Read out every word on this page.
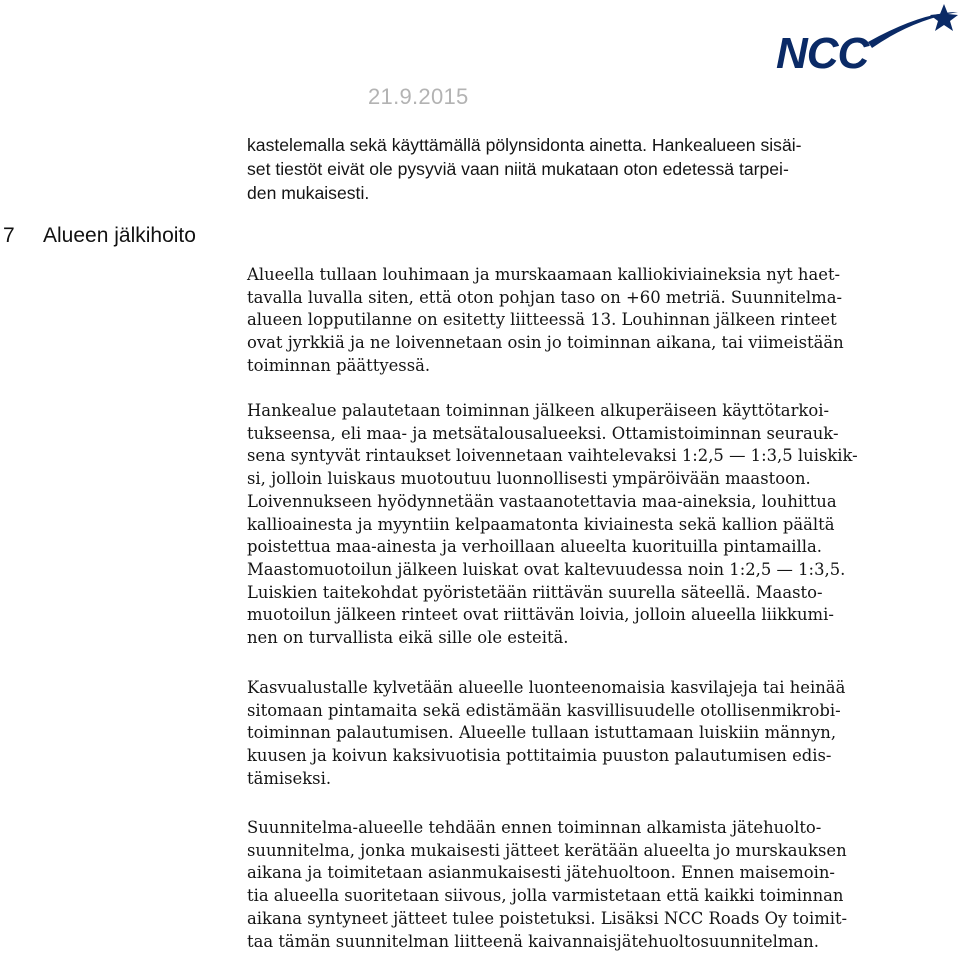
21.9.2015
NCC
7 Alueen jälkihoito
kastelemalla sekä käyttämällä pölynsidonta ainetta. Hankealueen sisäi-
set tiestöt eivät ole pysyviä vaan niitä mukataan oton edetessä tarpei-
den mukaisesti.
Alueella tullaan louhimaan ja murskaamaan kalliokiviaineksia nyt haet-
tavalla luvalla siten, että oton pohjan taso on +60 metriä. Suunnitelma-
alueen lopputilanne on esitetty liitteessä 13. Louhinnan jälkeen rinteet
ovat jyrkkiä ja ne loivennetaan osin jo toiminnan aikana, tai viimeistään
toiminnan päättyessä.
Hankealue palautetaan toiminnan jälkeen alkuperäiseen käyttötarkoi-
tukseensa, eli maa- ja metsätalousalueeksi. Ottamistoiminnan seurauk-
sena syntyvät rintaukset loivennetaan vaihtelevaksi 1:2,5 — 1:3,5 luiskik-
si, jolloin luiskaus muotoutuu luonnollisesti ympäröivään maastoon.
Loivennukseen hyödynnetään vastaanotettavia maa-aineksia, louhittua
kallioainesta ja myyntiin kelpaamatonta kiviainesta sekä kallion päältä
poistettua maa-ainesta ja verhoillaan alueelta kuorituilla pintamailla.
Maastomuotoilun jälkeen luiskat ovat kaltevuudessa noin 1:2,5 — 1:3,5.
Luiskien taitekohdat pyöristetään riittävän suurella säteellä. Maasto-
muotoilun jälkeen rinteet ovat riittävän loivia, jolloin alueella liikkumi-
nen on turvallista eikä sille ole esteitä.
Kasvualustalle kylvetään alueelle luonteenomaisia kasvilajeja tai heinää
sitomaan pintamaita sekä edistämään kasvillisuudelle otollisenmikrobi-
toiminnan palautumisen. Alueelle tullaan istuttamaan luiskiin männyn,
kuusen ja koivun kaksivuotisia pottitaimia puuston palautumisen edis-
tämiseksi.
Suunnitelma-alueelle tehdään ennen toiminnan alkamista jätehuolto-
suunnitelma, jonka mukaisesti jätteet kerätään alueelta jo murskauksen
aikana ja toimitetaan asianmukaisesti jätehuoltoon. Ennen maisemoin-
tia alueella suoritetaan siivous, jolla varmistetaan että kaikki toiminnan
aikana syntyneet jätteet tulee poistetuksi. Lisäksi NCC Roads Oy toimit-
taa tämän suunnitelman liitteenä kaivannaisjätehuoltosuunnitelman.
